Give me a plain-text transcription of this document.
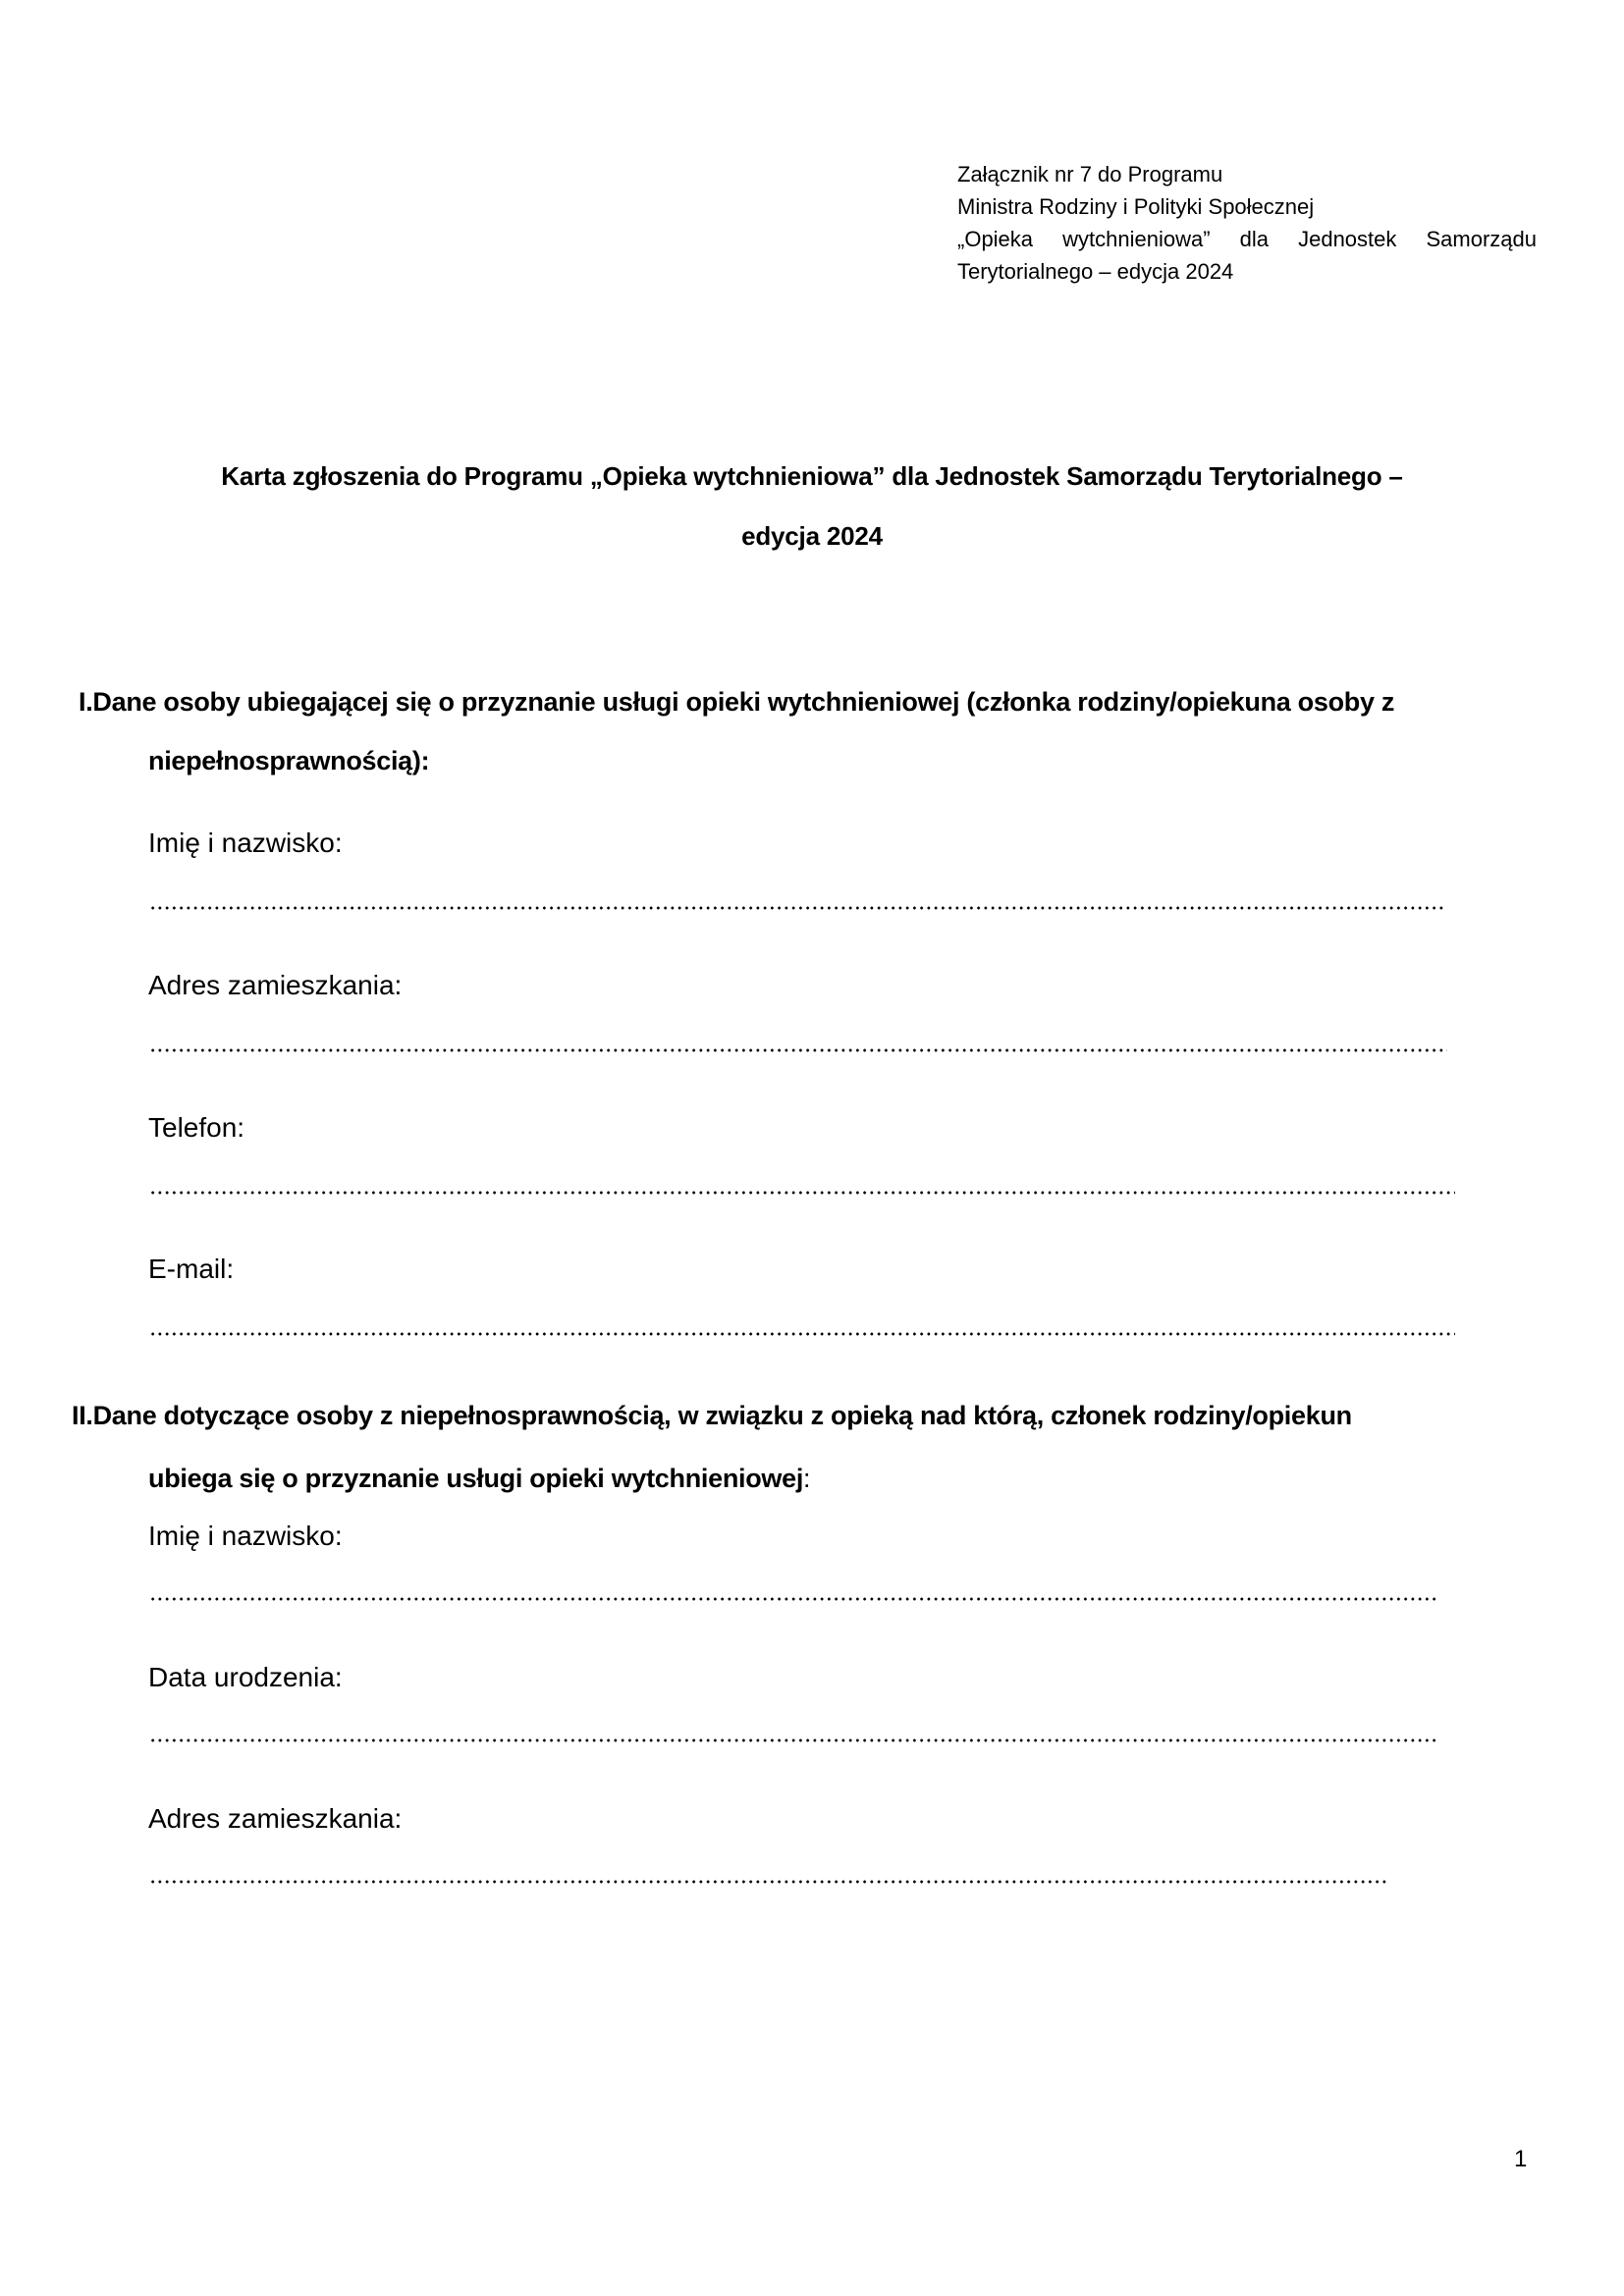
Załącznik nr 7 do Programu
Ministra Rodziny i Polityki Społecznej
„Opieka wytchnieniowa” dla Jednostek Samorządu
Terytorialnego – edycja 2024
Karta zgłoszenia do Programu „Opieka wytchnieniowa” dla Jednostek Samorządu Terytorialnego –
edycja 2024
I.Dane osoby ubiegającej się o przyznanie usługi opieki wytchnieniowej (członka rodziny/opiekuna osoby z
niepełnosprawnością):
Imię i nazwisko:
Adres zamieszkania:
Telefon:
E-mail:
II.Dane dotyczące osoby z niepełnosprawnością, w związku z opieką nad którą, członek rodziny/opiekun
ubiega się o przyznanie usługi opieki wytchnieniowej:
Imię i nazwisko:
Data urodzenia:
Adres zamieszkania:
1
